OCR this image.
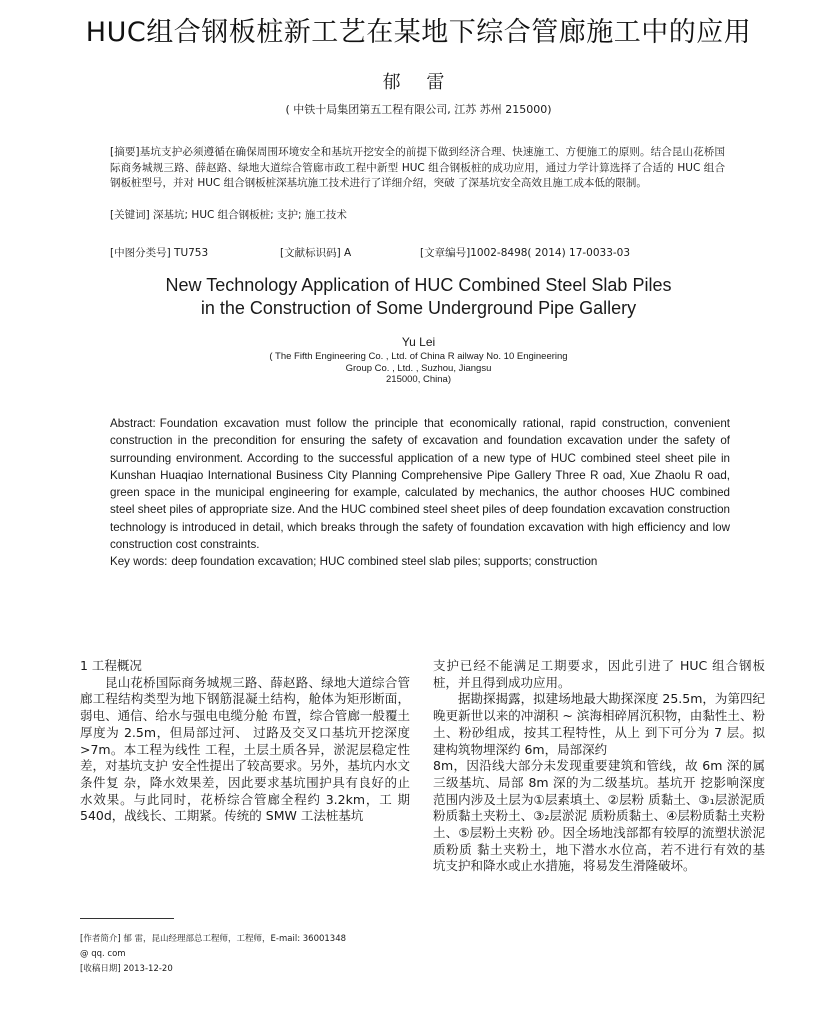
HUC组合钢板桩新工艺在某地下综合管廊施工中的应用
郁 雷
( 中铁十局集团第五工程有限公司, 江苏 苏州 215000)
[摘要]基坑支护必须遵循在确保周围环境安全和基坑开挖安全的前提下做到经济合理、快速施工、方便施工的原则。结合昆山花桥国际商务城规三路、薛赵路、绿地大道综合管廊市政工程中新型 HUC 组合钢板桩的成功应用，通过力学计算选择了合适的 HUC 组合钢板桩型号，并对 HUC 组合钢板桩深基坑施工技术进行了详细介绍，突破 了深基坑安全高效且施工成本低的限制。
[关键词] 深基坑; HUC 组合钢板桩; 支护; 施工技术
[中图分类号] TU753	[文献标识码] A	[文章编号]1002-8498( 2014) 17-0033-03
New Technology Application of HUC Combined Steel Slab Piles
in the Construction of Some Underground Pipe Gallery
Yu Lei
( The Fifth Engineering Co. , Ltd. of China R ailway No. 10 Engineering
Group Co. , Ltd. , Suzhou, Jiangsu
215000, China)
Abstract: Foundation excavation must follow the principle that economically rational, rapid construction, convenient construction in the precondition for ensuring the safety of excavation and foundation excavation under the safety of surrounding environment. According to the successful application of a new type of HUC combined steel sheet pile in Kunshan Huaqiao International Business City Planning Comprehensive Pipe Gallery Three R oad, Xue Zhaolu R oad, green space in the municipal engineering for example, calculated by mechanics, the author chooses HUC combined steel sheet piles of appropriate size. And the HUC combined steel sheet piles of deep foundation excavation construction technology is introduced in detail, which breaks through the safety of foundation excavation with high efficiency and low construction cost constraints.
Key words: deep foundation excavation; HUC combined steel slab piles; supports; construction

1 工程概况

昆山花桥国际商务城规三路、薛赵路、绿地大道综合管廊工程结构类型为地下钢筋混凝土结构，舱体为矩形断面，弱电、通信、给水与强电电缆分舱 布置，综合管廊一般覆土厚度为 2.5m，但局部过河、 过路及交叉口基坑开挖深度 >7m。本工程为线性 工程，土层土质各异，淤泥层稳定性差，对基坑支护 安全性提出了较高要求。另外，基坑内水文条件复 杂，降水效果差，因此要求基坑围护具有良好的止 水效果。与此同时，花桥综合管廊全程约 3.2km，工 期 540d，战线长、工期紧。传统的 SMW 工法桩基坑

支护已经不能满足工期要求，因此引进了 HUC 组合钢板桩，并且得到成功应用。

据勘探揭露，拟建场地最大勘探深度 25.5m，为第四纪晚更新世以来的冲湖积 ~ 滨海相碎屑沉积物，由黏性土、粉土、粉砂组成，按其工程特性，从上 到下可分为 7 层。拟建构筑物埋深约 6m，局部深约

8m，因沿线大部分未发现重要建筑和管线，故 6m 深的属三级基坑、局部 8m 深的为二级基坑。基坑开 挖影响深度范围内涉及土层为①层素填土、②层粉 质黏土、③₁层淤泥质粉质黏土夹粉土、③₂层淤泥 质粉质黏土、④层粉质黏土夹粉土、⑤层粉土夹粉 砂。因全场地浅部都有较厚的流塑状淤泥质粉质 黏土夹粉土，地下潜水水位高，若不进行有效的基 坑支护和降水或止水措施，将易发生滑隆破坏。

[作者简介] 郁 雷，昆山经理部总工程师，工程师，E-mail: 36001348
@ qq. com
[收稿日期] 2013-12-20
